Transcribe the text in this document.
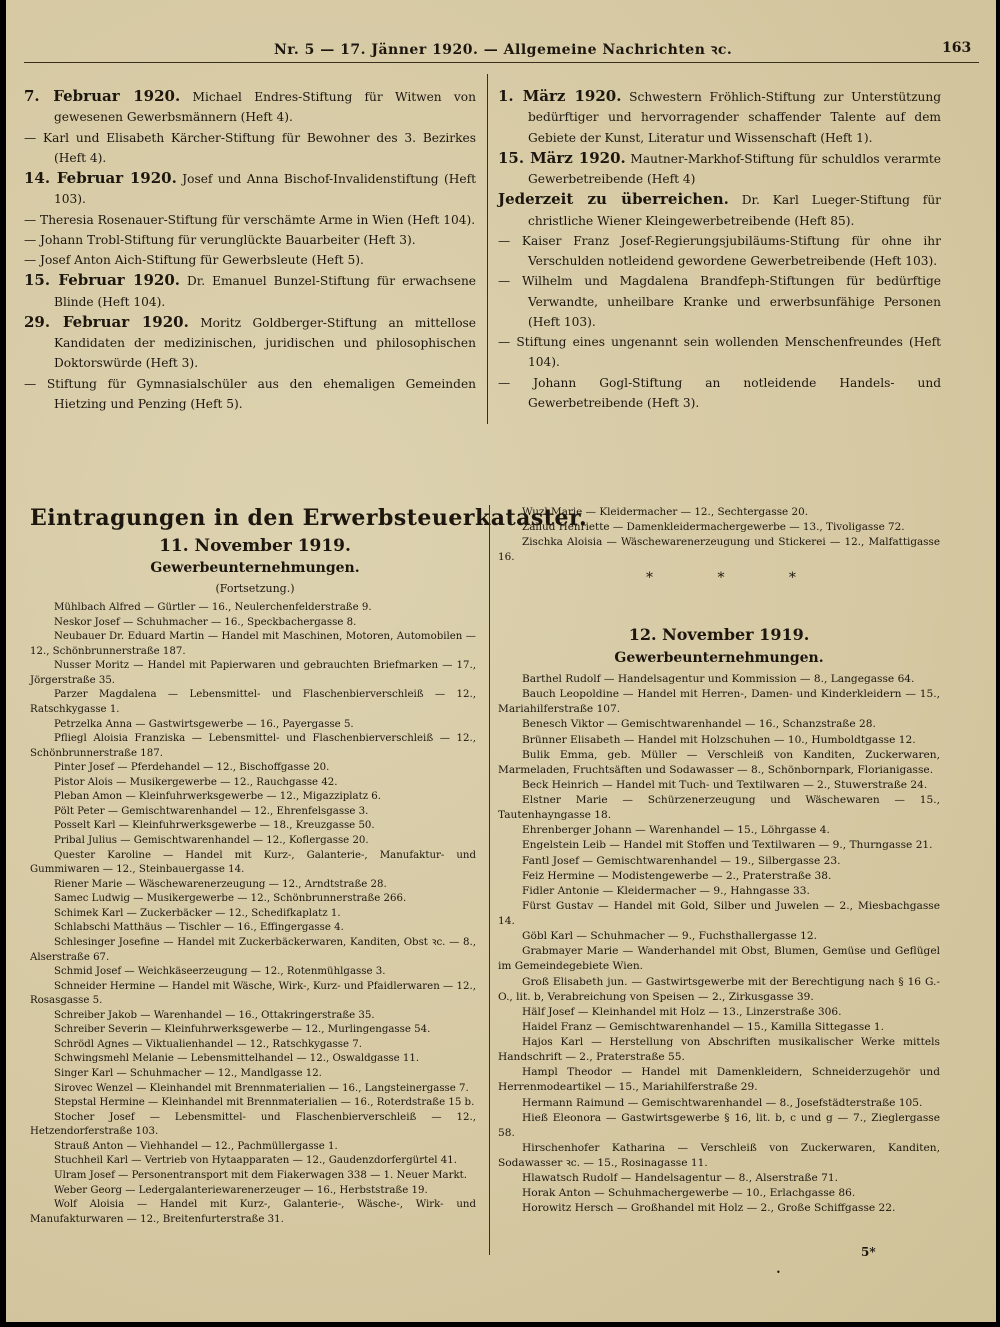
Nr. 5 — 17. Jänner 1920. — Allgemeine Nachrichten ꝛc.	163

7. Februar 1920. Michael Endres-Stiftung für Witwen von gewesenen Gewerbsmännern (Heft 4).

— Karl und Elisabeth Kärcher-Stiftung für Bewohner des 3. Bezirkes (Heft 4).

14. Februar 1920. Josef und Anna Bischof-Invalidenstiftung (Heft 103).

— Theresia Rosenauer-Stiftung für verschämte Arme in Wien (Heft 104).

— Johann Trobl-Stiftung für verunglückte Bauarbeiter (Heft 3).

— Josef Anton Aich-Stiftung für Gewerbsleute (Heft 5).

15. Februar 1920. Dr. Emanuel Bunzel-Stiftung für erwachsene Blinde (Heft 104).

29. Februar 1920. Moritz Goldberger-Stiftung an mittellose Kandidaten der medizinischen, juridischen und philosophischen Doktorswürde (Heft 3).

— Stiftung für Gymnasialschüler aus den ehemaligen Gemeinden Hietzing und Penzing (Heft 5).

1. März 1920. Schwestern Fröhlich-Stiftung zur Unterstützung bedürftiger und hervorragender schaffender Talente auf dem Gebiete der Kunst, Literatur und Wissenschaft (Heft 1).

15. März 1920. Mautner-Markhof-Stiftung für schuldlos verarmte Gewerbetreibende (Heft 4)

Jederzeit zu überreichen. Dr. Karl Lueger-Stiftung für christliche Wiener Kleingewerbetreibende (Heft 85).

— Kaiser Franz Josef-Regierungsjubiläums-Stiftung für ohne ihr Verschulden notleidend gewordene Gewerbetreibende (Heft 103).

— Wilhelm und Magdalena Brandfeph-Stiftungen für bedürftige Verwandte, unheilbare Kranke und erwerbsunfähige Personen (Heft 103).

— Stiftung eines ungenannt sein wollenden Menschenfreundes (Heft 104).

— Johann Gogl-Stiftung an notleidende Handels- und Gewerbetreibende (Heft 3).

Eintragungen in den Erwerbsteuerkataster.
11. November 1919.
Gewerbeunternehmungen.
(Fortsetzung.)

Mühlbach Alfred — Gürtler — 16., Neulerchenfelderstraße 9.

Neskor Josef — Schuhmacher — 16., Speckbachergasse 8.

Neubauer Dr. Eduard Martin — Handel mit Maschinen, Motoren, Automobilen — 12., Schönbrunnerstraße 187.

Nusser Moritz — Handel mit Papierwaren und gebrauchten Briefmarken — 17., Jörgerstraße 35.

Parzer Magdalena — Lebensmittel- und Flaschenbierverschleiß — 12., Ratschkygasse 1.

Petrzelka Anna — Gastwirtsgewerbe — 16., Payergasse 5.

Pfliegl Aloisia Franziska — Lebensmittel- und Flaschenbierverschleiß — 12., Schönbrunnerstraße 187.

Pinter Josef — Pferdehandel — 12., Bischoffgasse 20.

Pistor Alois — Musikergewerbe — 12., Rauchgasse 42.

Pleban Amon — Kleinfuhrwerksgewerbe — 12., Migazziplatz 6.

Pölt Peter — Gemischtwarenhandel — 12., Ehrenfelsgasse 3.

Posselt Karl — Kleinfuhrwerksgewerbe — 18., Kreuzgasse 50.

Pribal Julius — Gemischtwarenhandel — 12., Koflergasse 20.

Quester Karoline — Handel mit Kurz-, Galanterie-, Manufaktur- und Gummiwaren — 12., Steinbauergasse 14.

Riener Marie — Wäschewarenerzeugung — 12., Arndtstraße 28.

Samec Ludwig — Musikergewerbe — 12., Schönbrunnerstraße 266.

Schimek Karl — Zuckerbäcker — 12., Schedifkaplatz 1.

Schlabschi Matthäus — Tischler — 16., Effingergasse 4.

Schlesinger Josefine — Handel mit Zuckerbäckerwaren, Kanditen, Obst ꝛc. — 8., Alserstraße 67.

Schmid Josef — Weichkäseerzeugung — 12., Rotenmühlgasse 3.

Schneider Hermine — Handel mit Wäsche, Wirk-, Kurz- und Pfaidlerwaren — 12., Rosasgasse 5.

Schreiber Jakob — Warenhandel — 16., Ottakringerstraße 35.

Schreiber Severin — Kleinfuhrwerksgewerbe — 12., Murlingengasse 54.

Schrödl Agnes — Viktualienhandel — 12., Ratschkygasse 7.

Schwingsmehl Melanie — Lebensmittelhandel — 12., Oswaldgasse 11.

Singer Karl — Schuhmacher — 12., Mandlgasse 12.

Sirovec Wenzel — Kleinhandel mit Brennmaterialien — 16., Langsteinergasse 7.

Stepstal Hermine — Kleinhandel mit Brennmaterialien — 16., Roterdstraße 15 b.

Stocher Josef — Lebensmittel- und Flaschenbierverschleiß — 12., Hetzendorferstraße 103.

Strauß Anton — Viehhandel — 12., Pachmüllergasse 1.

Stuchheil Karl — Vertrieb von Hytaapparaten — 12., Gaudenzdorfergürtel 41.

Ulram Josef — Personentransport mit dem Fiakerwagen 338 — 1. Neuer Markt.

Weber Georg — Ledergalanteriewarenerzeuger — 16., Herbststraße 19.

Wolf Aloisia — Handel mit Kurz-, Galanterie-, Wäsche-, Wirk- und Manufakturwaren — 12., Breitenfurterstraße 31.

Wuzl Marie — Kleidermacher — 12., Sechtergasse 20.

Zallud Henriette — Damenkleidermachergewerbe — 13., Tivoligasse 72.

Zischka Aloisia — Wäschewarenerzeugung und Stickerei — 12., Malfattigasse 16.

* * *
12. November 1919.
Gewerbeunternehmungen.

Barthel Rudolf — Handelsagentur und Kommission — 8., Langegasse 64.

Bauch Leopoldine — Handel mit Herren-, Damen- und Kinderkleidern — 15., Mariahilferstraße 107.

Benesch Viktor — Gemischtwarenhandel — 16., Schanzstraße 28.

Brünner Elisabeth — Handel mit Holzschuhen — 10., Humboldtgasse 12.

Bulik Emma, geb. Müller — Verschleiß von Kanditen, Zuckerwaren, Marmeladen, Fruchtsäften und Sodawasser — 8., Schönbornpark, Florianigasse.

Beck Heinrich — Handel mit Tuch- und Textilwaren — 2., Stuwerstraße 24.

Elstner Marie — Schürzenerzeugung und Wäschewaren — 15., Tautenhayngasse 18.

Ehrenberger Johann — Warenhandel — 15., Löhrgasse 4.

Engelstein Leib — Handel mit Stoffen und Textilwaren — 9., Thurngasse 21.

Fantl Josef — Gemischtwarenhandel — 19., Silbergasse 23.

Feiz Hermine — Modistengewerbe — 2., Praterstraße 38.

Fidler Antonie — Kleidermacher — 9., Hahngasse 33.

Fürst Gustav — Handel mit Gold, Silber und Juwelen — 2., Miesbachgasse 14.

Göbl Karl — Schuhmacher — 9., Fuchsthallergasse 12.

Grabmayer Marie — Wanderhandel mit Obst, Blumen, Gemüse und Geflügel im Gemeindegebiete Wien.

Groß Elisabeth jun. — Gastwirtsgewerbe mit der Berechtigung nach § 16 G.-O., lit. b, Verabreichung von Speisen — 2., Zirkusgasse 39.

Hälf Josef — Kleinhandel mit Holz — 13., Linzerstraße 306.

Haidel Franz — Gemischtwarenhandel — 15., Kamilla Sittegasse 1.

Hajos Karl — Herstellung von Abschriften musikalischer Werke mittels Handschrift — 2., Praterstraße 55.

Hampl Theodor — Handel mit Damenkleidern, Schneiderzugehör und Herrenmodeartikel — 15., Mariahilferstraße 29.

Hermann Raimund — Gemischtwarenhandel — 8., Josefstädterstraße 105.

Hieß Eleonora — Gastwirtsgewerbe § 16, lit. b, c und g — 7., Zieglergasse 58.

Hirschenhofer Katharina — Verschleiß von Zuckerwaren, Kanditen, Sodawasser ꝛc. — 15., Rosinagasse 11.

Hlawatsch Rudolf — Handelsagentur — 8., Alserstraße 71.

Horak Anton — Schuhmachergewerbe — 10., Erlachgasse 86.

Horowitz Hersch — Großhandel mit Holz — 2., Große Schiffgasse 22.

5*
•
